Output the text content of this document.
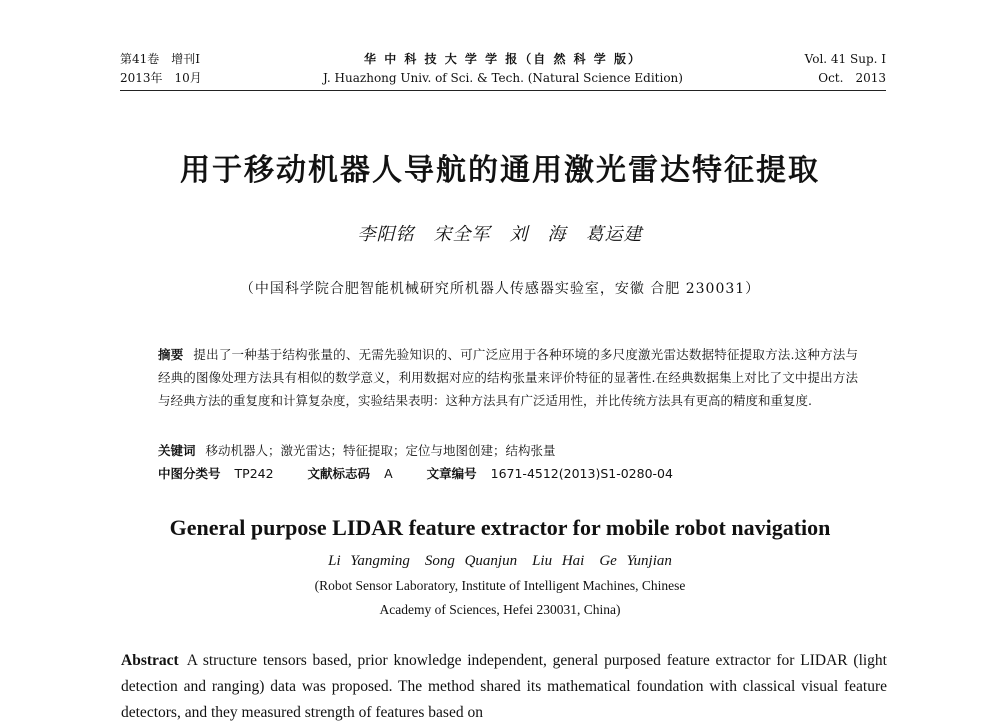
第41卷　增刊Ⅰ
2013年　10月
华 中 科 技 大 学 学 报（自 然 科 学 版）
J. Huazhong Univ. of Sci. & Tech. (Natural Science Edition)
Vol. 41 Sup. Ⅰ
Oct.　2013
用于移动机器人导航的通用激光雷达特征提取
李阳铭　宋全军　刘　海　葛运建
（中国科学院合肥智能机械研究所机器人传感器实验室，安徽 合肥 230031）
摘要 提出了一种基于结构张量的、无需先验知识的、可广泛应用于各种环境的多尺度激光雷达数据特征提取方法.这种方法与经典的图像处理方法具有相似的数学意义，利用数据对应的结构张量来评价特征的显著性.在经典数据集上对比了文中提出方法与经典方法的重复度和计算复杂度，实验结果表明：这种方法具有广泛适用性，并比传统方法具有更高的精度和重复度.
关键词 移动机器人；激光雷达；特征提取；定位与地图创建；结构张量
中图分类号 TP242	文献标志码 A	文章编号 1671-4512(2013)S1-0280-04
General purpose LIDAR feature extractor for mobile robot navigation
Li Yangming　Song Quanjun　Liu Hai　Ge Yunjian
(Robot Sensor Laboratory, Institute of Intelligent Machines, Chinese
Academy of Sciences, Hefei 230031, China)
Abstract A structure tensors based, prior knowledge independent, general purposed feature extractor for LIDAR (light detection and ranging) data was proposed. The method shared its mathematical foundation with classical visual feature detectors, and they measured strength of features based on
